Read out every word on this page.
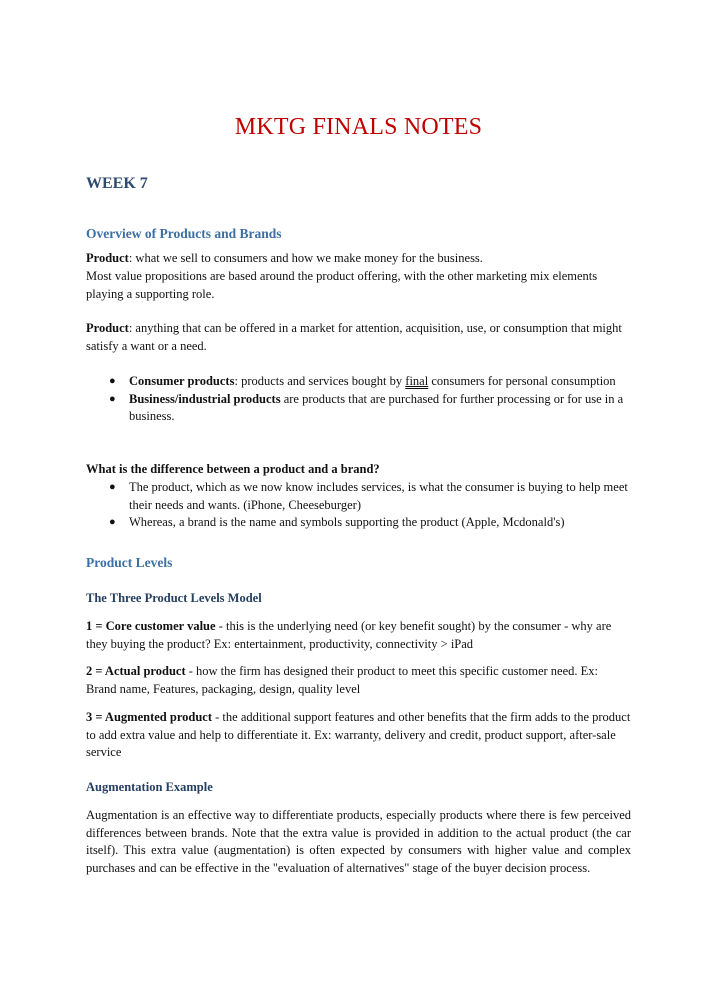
MKTG FINALS NOTES
WEEK 7
Overview of Products and Brands

Product: what we sell to consumers and how we make money for the business.

Most value propositions are based around the product offering, with the other marketing mix elements playing a supporting role.

Product: anything that can be offered in a market for attention, acquisition, use, or consumption that might satisfy a want or a need.

● Consumer products: products and services bought by final consumers for personal consumption
● Business/industrial products are products that are purchased for further processing or for use in a business.

What is the difference between a product and a brand?

● The product, which as we now know includes services, is what the consumer is buying to help meet their needs and wants. (iPhone, Cheeseburger)
● Whereas, a brand is the name and symbols supporting the product (Apple, Mcdonald's)
Product Levels
The Three Product Levels Model

1 = Core customer value - this is the underlying need (or key benefit sought) by the consumer - why are they buying the product? Ex: entertainment, productivity, connectivity > iPad

2 = Actual product - how the firm has designed their product to meet this specific customer need. Ex: Brand name, Features, packaging, design, quality level

3 = Augmented product - the additional support features and other benefits that the firm adds to the product to add extra value and help to differentiate it. Ex: warranty, delivery and credit, product support, after-sale service

Augmentation Example

Augmentation is an effective way to differentiate products, especially products where there is few perceived differences between brands. Note that the extra value is provided in addition to the actual product (the car itself). This extra value (augmentation) is often expected by consumers with higher value and complex purchases and can be effective in the "evaluation of alternatives" stage of the buyer decision process.
